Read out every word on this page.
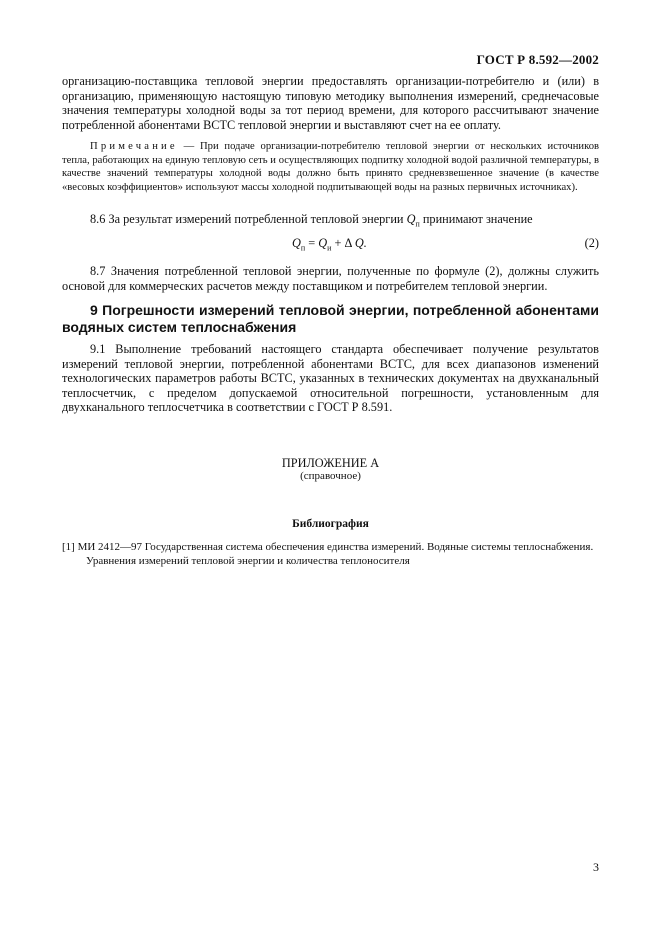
ГОСТ Р 8.592—2002

организацию-поставщика тепловой энергии предоставлять организации-потребителю и (или) в организацию, применяющую настоящую типовую методику выполнения измерений, среднечасовые значения температуры холодной воды за тот период времени, для которого рассчитывают значение потребленной абонентами ВСТС тепловой энергии и выставляют счет на ее оплату.

Примечание — При подаче организации-потребителю тепловой энергии от нескольких источников тепла, работающих на единую тепловую сеть и осуществляющих подпитку холодной водой различной температуры, в качестве значений температуры холодной воды должно быть принято средневзвешенное значение (в качестве «весовых коэффициентов» используют массы холодной подпитывающей воды на разных первичных источниках).

8.6 За результат измерений потребленной тепловой энергии $Q_п$ принимают значение

$Q_п = Q_и + \Delta$ Q.	(2)

8.7 Значения потребленной тепловой энергии, полученные по формуле (2), должны служить основой для коммерческих расчетов между поставщиком и потребителем тепловой энергии.

9 Погрешности измерений тепловой энергии, потребленной абонентами водяных систем теплоснабжения

9.1 Выполнение требований настоящего стандарта обеспечивает получение результатов измерений тепловой энергии, потребленной абонентами ВСТС, для всех диапазонов изменений технологических параметров работы ВСТС, указанных в технических документах на двухканальный теплосчетчик, с пределом допускаемой относительной погрешности, установленным для двухканального теплосчетчика в соответствии с ГОСТ Р 8.591.

ПРИЛОЖЕНИЕ А
(справочное)
Библиография
[1] МИ 2412—97 Государственная система обеспечения единства измерений. Водяные системы теплоснабжения. Уравнения измерений тепловой энергии и количества теплоносителя
3
